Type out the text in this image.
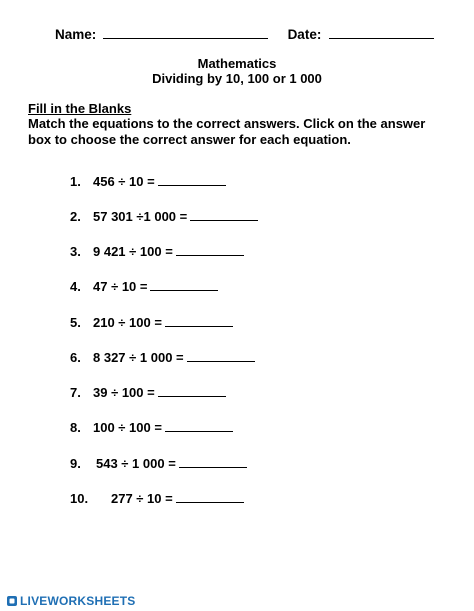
Name:	Date:
Mathematics
Dividing by 10, 100 or 1 000
Fill in the Blanks
Match the equations to the correct answers. Click on the answer box to choose the correct answer for each equation.
1. 456 ÷ 10 =
2. 57 301 ÷1 000 =
3. 9 421 ÷ 100 =
4. 47 ÷ 10 =
5. 210 ÷ 100 =
6. 8 327 ÷ 1 000 =
7. 39 ÷ 100 =
8. 100 ÷ 100 =
9. 543 ÷ 1 000 =
10. 277 ÷ 10 =
LIVEWORKSHEETS
